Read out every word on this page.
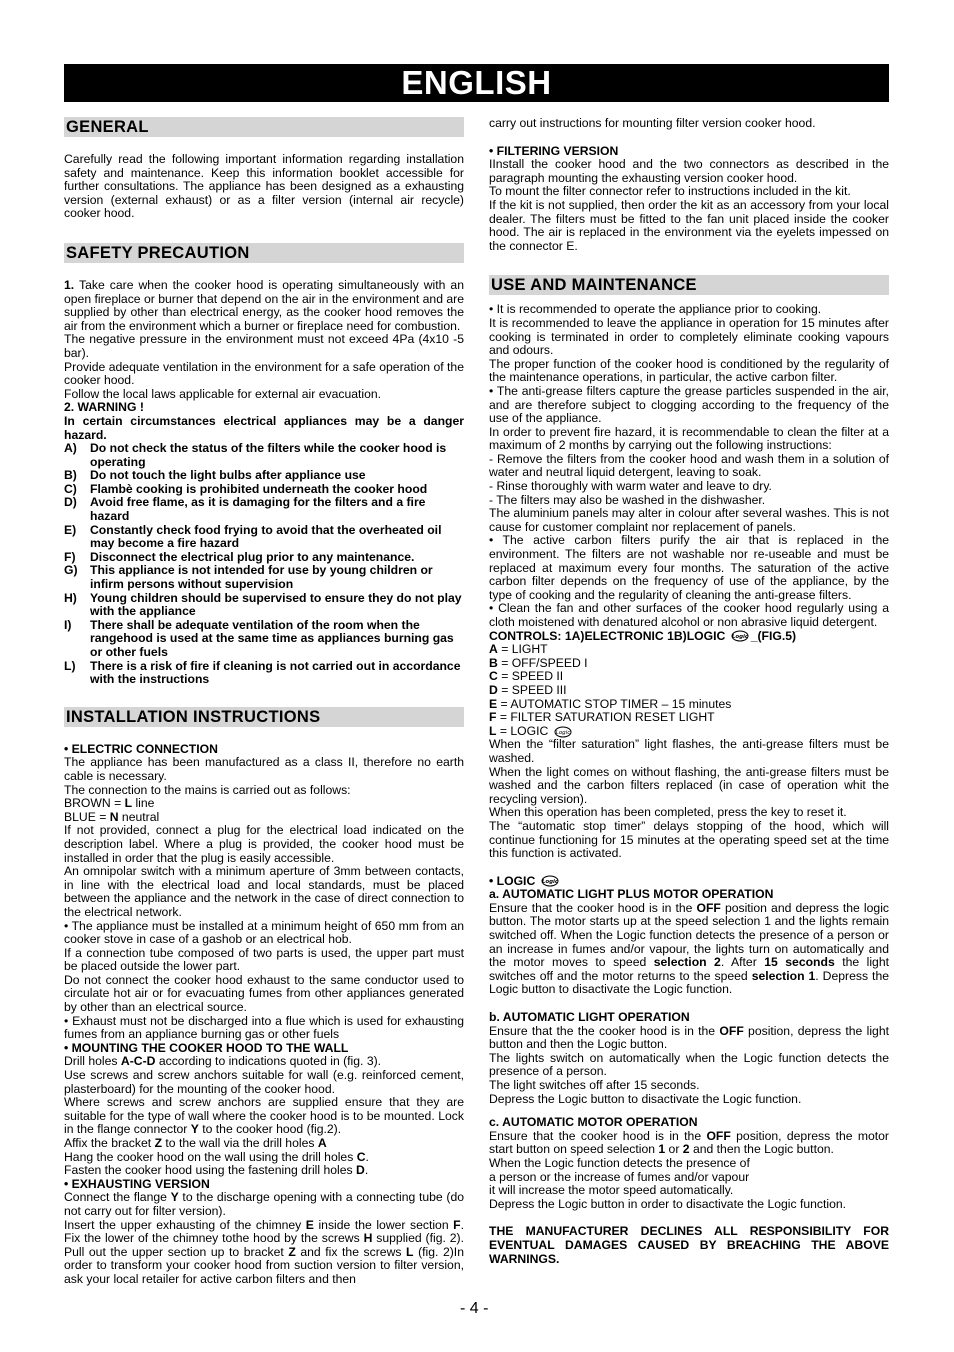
ENGLISH
GENERAL

Carefully read the following important information regarding installation safety and maintenance. Keep this information booklet accessible for further consultations. The appliance has been designed as a exhausting version (external exhaust) or as a filter version (internal air recycle) cooker hood.

SAFETY PRECAUTION

1. Take care when the cooker hood is operating simultaneously with an open fireplace or burner that depend on the air in the environment and are supplied by other than electrical energy, as the cooker hood removes the air from the environment which a burner or fireplace need for combustion.

The negative pressure in the environment must not exceed 4Pa (4x10 -5 bar).

Provide adequate ventilation in the environment for a safe operation of the cooker hood.

Follow the local laws applicable for external air evacuation.

2. WARNING !

In certain circumstances electrical appliances may be a danger hazard.

A)	Do not check the status of the filters while the cooker hood is operating
B)	Do not touch the light bulbs after appliance use
C)	Flambè cooking is prohibited underneath the cooker hood
D)	Avoid free flame, as it is damaging for the filters and a fire hazard
E)	Constantly check food frying to avoid that the overheated oil may become a fire hazard
F)	Disconnect the electrical plug prior to any maintenance.
G)	This appliance is not intended for use by young children or infirm persons without supervision
H)	Young children should be supervised to ensure they do not play with the appliance
I)	There shall be adequate ventilation of the room when the rangehood is used at the same time as appliances burning gas or other fuels
L)	There is a risk of fire if cleaning is not carried out in accordance with the instructions
INSTALLATION INSTRUCTIONS

• ELECTRIC CONNECTION

The appliance has been manufactured as a class II, therefore no earth cable is necessary.

The connection to the mains is carried out as follows:

BROWN = L line

BLUE = N neutral

If not provided, connect a plug for the electrical load indicated on the description label. Where a plug is provided, the cooker hood must be installed in order that the plug is easily accessible.

An omnipolar switch with a minimum aperture of 3mm between contacts, in line with the electrical load and local standards, must be placed between the appliance and the network in the case of direct connection to the electrical network.

• The appliance must be installed at a minimum height of 650 mm from an cooker stove in case of a gashob or an electrical hob.

If a connection tube composed of two parts is used, the upper part must be placed outside the lower part.

Do not connect the cooker hood exhaust to the same conductor used to circulate hot air or for evacuating fumes from other appliances generated by other than an electrical source.

• Exhaust must not be discharged into a flue which is used for exhausting fumes from an appliance burning gas or other fuels

• MOUNTING THE COOKER HOOD TO THE WALL

Drill holes A-C-D according to indications quoted in (fig. 3).

Use screws and screw anchors suitable for wall (e.g. reinforced cement, plasterboard) for the mounting of the cooker hood.

Where screws and screw anchors are supplied ensure that they are suitable for the type of wall where the cooker hood is to be mounted. Lock in the flange connector Y to the cooker hood (fig.2).

Affix the bracket Z to the wall via the drill holes A

Hang the cooker hood on the wall using the drill holes C.

Fasten the cooker hood using the fastening drill holes D.

• EXHAUSTING VERSION

Connect the flange Y to the discharge opening with a connecting tube (do not carry out for filter version).

Insert the upper exhausting of the chimney E inside the lower section F. Fix the lower of the chimney tothe hood by the screws H supplied (fig. 2). Pull out the upper section up to bracket Z and fix the screws L (fig. 2)In order to transform your cooker hood from suction version to filter version, ask your local retailer for active carbon filters and then

carry out instructions for mounting filter version cooker hood.

• FILTERING VERSION

IInstall the cooker hood and the two connectors as described in the paragraph mounting the exhausting version cooker hood.

To mount the filter connector refer to instructions included in the kit.

If the kit is not supplied, then order the kit as an accessory from your local dealer. The filters must be fitted to the fan unit placed inside the cooker hood. The air is replaced in the environment via the eyelets impessed on the connector E.

USE AND MAINTENANCE

• It is recommended to operate the appliance prior to cooking.

It is recommended to leave the appliance in operation for 15 minutes after cooking is terminated in order to completely eliminate cooking vapours and odours.

The proper function of the cooker hood is conditioned by the regularity of the maintenance operations, in particular, the active carbon filter.

• The anti-grease filters capture the grease particles suspended in the air, and are therefore subject to clogging according to the frequency of the use of the appliance.

In order to prevent fire hazard, it is recommendable to clean the filter at a maximum of 2 months by carrying out the following instructions:

- Remove the filters from the cooker hood and wash them in a solution of water and neutral liquid detergent, leaving to soak.

- Rinse thoroughly with warm water and leave to dry.

- The filters may also be washed in the dishwasher.

The aluminium panels may alter in colour after several washes. This is not cause for customer complaint nor replacement of panels.

• The active carbon filters purify the air that is replaced in the environment. The filters are not washable nor re-useable and must be replaced at maximum every four months. The saturation of the active carbon filter depends on the frequency of use of the appliance, by the type of cooking and the regularity of cleaning the anti-grease filters.

• Clean the fan and other surfaces of the cooker hood regularly using a cloth moistened with denatured alcohol or non abrasive liquid detergent.

CONTROLS: 1A)ELECTRONIC 1B)LOGIC Logic _(FIG.5)

A = LIGHT

B = OFF/SPEED I

C = SPEED II

D = SPEED III

E = AUTOMATIC STOP TIMER – 15 minutes

F = FILTER SATURATION RESET LIGHT

L = LOGIC Logic

When the “filter saturation” light flashes, the anti-grease filters must be washed.

When the light comes on without flashing, the anti-grease filters must be washed and the carbon filters replaced (in case of operation whit the recycling version).

When this operation has been completed, press the key to reset it.

The “automatic stop timer” delays stopping of the hood, which will continue functioning for 15 minutes at the operating speed set at the time this function is activated.

• LOGIC Logic

a. AUTOMATIC LIGHT PLUS MOTOR OPERATION

Ensure that the cooker hood is in the OFF position and depress the logic button. The motor starts up at the speed selection 1 and the lights remain switched off. When the Logic function detects the presence of a person or an increase in fumes and/or vapour, the lights turn on automatically and the motor moves to speed selection 2. After 15 seconds the light switches off and the motor returns to the speed selection 1. Depress the Logic button to disactivate the Logic function.

b. AUTOMATIC LIGHT OPERATION

Ensure that the the cooker hood is in the OFF position, depress the light button and then the Logic button.

The lights switch on automatically when the Logic function detects the presence of a person.

The light switches off after 15 seconds.

Depress the Logic button to disactivate the Logic function.

c. AUTOMATIC MOTOR OPERATION

Ensure that the cooker hood is in the OFF position, depress the motor start button on speed selection 1 or 2 and then the Logic button.

When the Logic function detects the presence of

a person or the increase of fumes and/or vapour

it will increase the motor speed automatically.

Depress the Logic button in order to disactivate the Logic function.

THE MANUFACTURER DECLINES ALL RESPONSIBILITY FOR EVENTUAL DAMAGES CAUSED BY BREACHING THE ABOVE WARNINGS.

- 4 -
